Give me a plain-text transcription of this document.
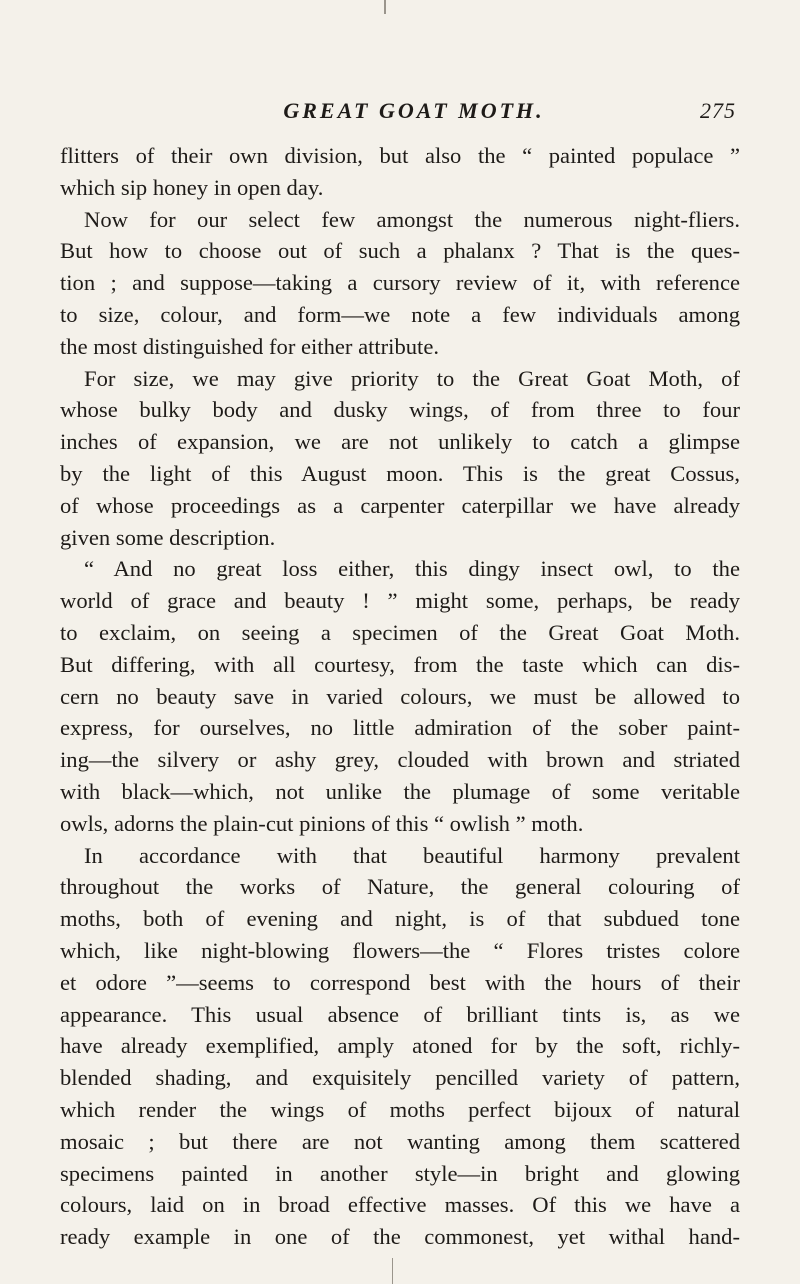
GREAT GOAT MOTH.	275
flitters of their own division, but also the “ painted populace ”
which sip honey in open day.
Now for our select few amongst the numerous night-fliers.
But how to choose out of such a phalanx ? That is the ques-
tion ; and suppose—taking a cursory review of it, with reference
to size, colour, and form—we note a few individuals among
the most distinguished for either attribute.
For size, we may give priority to the Great Goat Moth, of
whose bulky body and dusky wings, of from three to four
inches of expansion, we are not unlikely to catch a glimpse
by the light of this August moon. This is the great Cossus,
of whose proceedings as a carpenter caterpillar we have already
given some description.
“ And no great loss either, this dingy insect owl, to the
world of grace and beauty ! ” might some, perhaps, be ready
to exclaim, on seeing a specimen of the Great Goat Moth.
But differing, with all courtesy, from the taste which can dis-
cern no beauty save in varied colours, we must be allowed to
express, for ourselves, no little admiration of the sober paint-
ing—the silvery or ashy grey, clouded with brown and striated
with black—which, not unlike the plumage of some veritable
owls, adorns the plain-cut pinions of this “ owlish ” moth.
In accordance with that beautiful harmony prevalent
throughout the works of Nature, the general colouring of
moths, both of evening and night, is of that subdued tone
which, like night-blowing flowers—the “ Flores tristes colore
et odore ”—seems to correspond best with the hours of their
appearance. This usual absence of brilliant tints is, as we
have already exemplified, amply atoned for by the soft, richly-
blended shading, and exquisitely pencilled variety of pattern,
which render the wings of moths perfect bijoux of natural
mosaic ; but there are not wanting among them scattered
specimens painted in another style—in bright and glowing
colours, laid on in broad effective masses. Of this we have a
ready example in one of the commonest, yet withal hand-
